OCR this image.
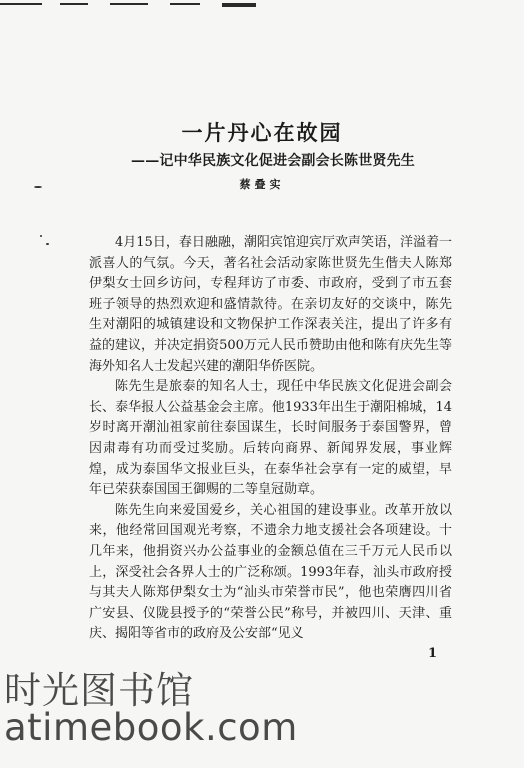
一片丹心在故园
——记中华民族文化促进会副会长陈世贤先生
蔡叠实

4月15日，春日融融，潮阳宾馆迎宾厅欢声笑语，洋溢着一派喜人的气氛。今天，著名社会活动家陈世贤先生偕夫人陈郑伊梨女士回乡访问，专程拜访了市委、市政府，受到了市五套班子领导的热烈欢迎和盛情款待。在亲切友好的交谈中，陈先生对潮阳的城镇建设和文物保护工作深表关注，提出了许多有益的建议，并决定捐资500万元人民币赞助由他和陈有庆先生等海外知名人士发起兴建的潮阳华侨医院。

陈先生是旅泰的知名人士，现任中华民族文化促进会副会长、泰华报人公益基金会主席。他1933年出生于潮阳棉城，14岁时离开潮汕祖家前往泰国谋生，长时间服务于泰国警界，曾因肃毒有功而受过奖励。后转向商界、新闻界发展，事业辉煌，成为泰国华文报业巨头，在泰华社会享有一定的威望，早年已荣获泰国国王御赐的二等皇冠勋章。

陈先生向来爱国爱乡，关心祖国的建设事业。改革开放以来，他经常回国观光考察，不遗余力地支援社会各项建设。十几年来，他捐资兴办公益事业的金额总值在三千万元人民币以上，深受社会各界人士的广泛称颂。1993年春，汕头市政府授与其夫人陈郑伊梨女士为“汕头市荣誉市民”，他也荣膺四川省广安县、仪陇县授予的“荣誉公民”称号，并被四川、天津、重庆、揭阳等省市的政府及公安部“见义

1
时光图书馆
atimebook.com
